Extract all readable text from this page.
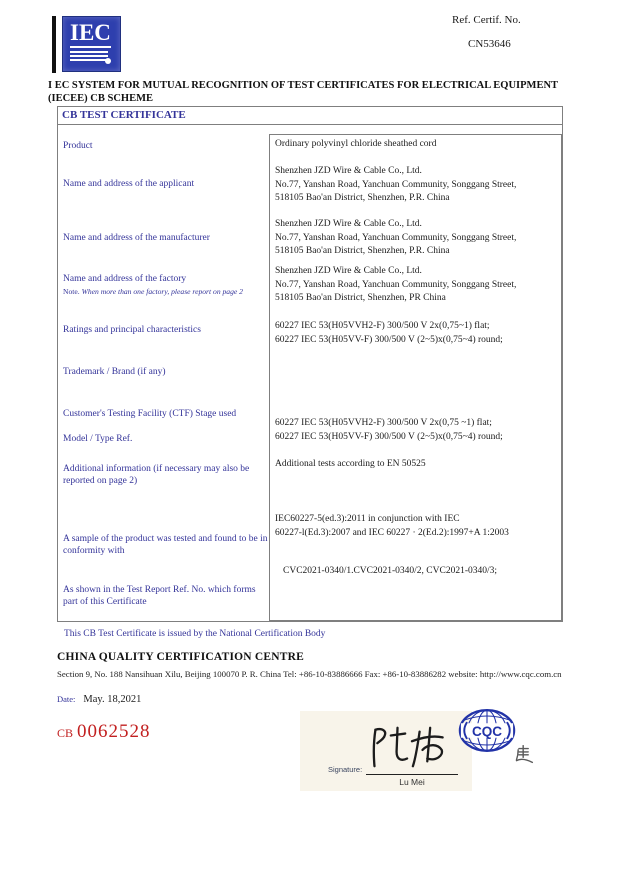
IEC	Ref. Certif. No.
CN53646
I EC SYSTEM FOR MUTUAL RECOGNITION OF TEST CERTIFICATES FOR ELECTRICAL EQUIPMENT
(IECEE) CB SCHEME
CB TEST CERTIFICATE
Product
Name and address of the applicant
Name and address of the manufacturer
Name and address of the factory
Note. When more than one factory, please report on page 2
Ratings and principal characteristics
Trademark / Brand (if any)
Customer's Testing Facility (CTF) Stage used
Model / Type Ref.
Additional information (if necessary may also be reported on page 2)
A sample of the product was tested and found to be in conformity with
As shown in the Test Report Ref. No. which forms part of this Certificate
Ordinary polyvinyl chloride sheathed cord
Shenzhen JZD Wire & Cable Co., Ltd.
No.77, Yanshan Road, Yanchuan Community, Songgang Street,
518105 Bao'an District, Shenzhen, P.R. China
Shenzhen JZD Wire & Cable Co., Ltd.
No.77, Yanshan Road, Yanchuan Community, Songgang Street,
518105 Bao'an District, Shenzhen, P.R. China
Shenzhen JZD Wire & Cable Co., Ltd.
No.77, Yanshan Road, Yanchuan Community, Songgang Street,
518105 Bao'an District, Shenzhen, PR China
60227 IEC 53(H05VVH2-F) 300/500 V 2x(0,75~1) flat;
60227 IEC 53(H05VV-F) 300/500 V (2~5)x(0,75~4) round;
60227 IEC 53(H05VVH2-F) 300/500 V 2x(0,75 ~1) flat;
60227 IEC 53(H05VV-F) 300/500 V (2~5)x(0,75~4) round;
Additional tests according to EN 50525
IEC60227-5(ed.3):2011 in conjunction with IEC
60227-l(Ed.3):2007 and IEC 60227 · 2(Ed.2):1997+A 1:2003
CVC2021-0340/1.CVC2021-0340/2, CVC2021-0340/3;
This CB Test Certificate is issued by the National Certification Body
CHINA QUALITY CERTIFICATION CENTRE
Section 9, No. 188 Nansihuan Xilu, Beijing 100070 P. R. China Tel: +86-10-83886666 Fax: +86-10-83886282 website: http://www.cqc.com.cn
Date: May. 18,2021
CB 0062528
Signature:
Lu Mei
CQC
